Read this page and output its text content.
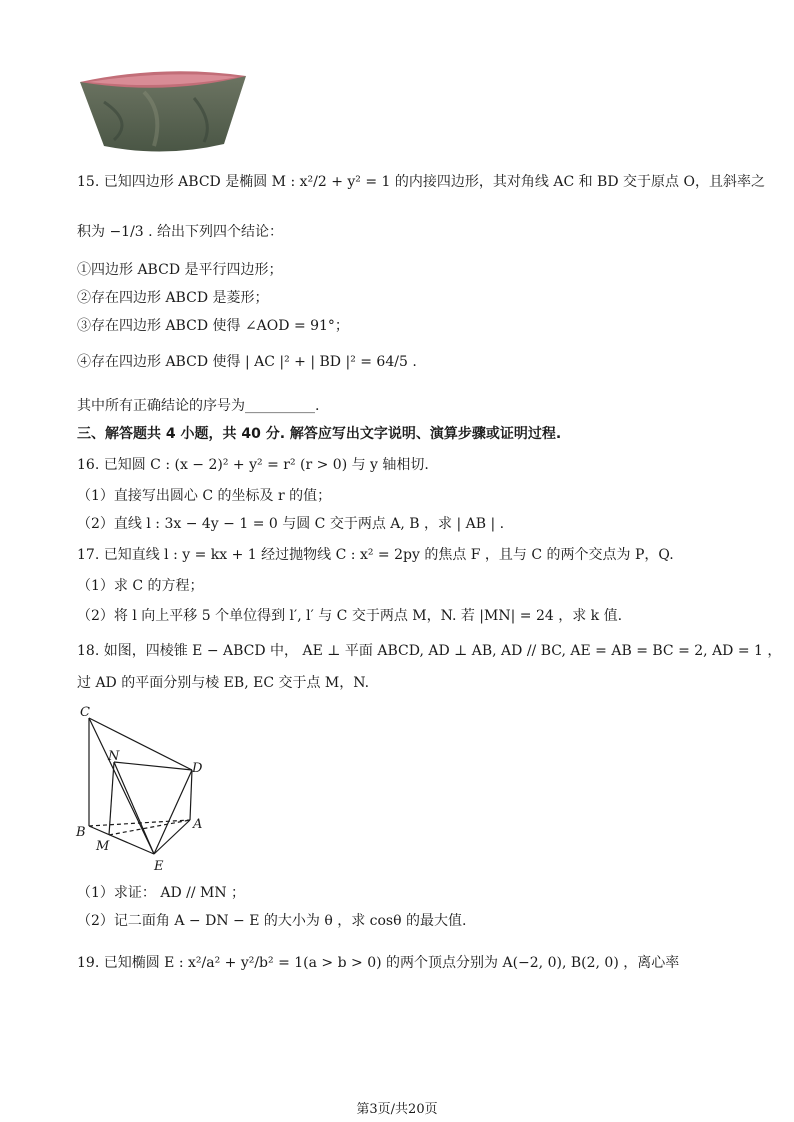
15. 已知四边形 ABCD 是椭圆 M : x²/2 + y² = 1 的内接四边形，其对角线 AC 和 BD 交于原点 O，且斜率之
积为 −1/3 . 给出下列四个结论：
①四边形 ABCD 是平行四边形；
②存在四边形 ABCD 是菱形；
③存在四边形 ABCD 使得 ∠AOD = 91°；
④存在四边形 ABCD 使得 | AC |² + | BD |² = 64/5 .
其中所有正确结论的序号为__________.
三、解答题共 4 小题，共 40 分. 解答应写出文字说明、演算步骤或证明过程.
16. 已知圆 C : (x − 2)² + y² = r² (r > 0) 与 y 轴相切.
（1）直接写出圆心 C 的坐标及 r 的值；
（2）直线 l : 3x − 4y − 1 = 0 与圆 C 交于两点 A, B ，求 | AB | .
17. 已知直线 l : y = kx + 1 经过抛物线 C : x² = 2py 的焦点 F ，且与 C 的两个交点为 P，Q.
（1）求 C 的方程；
（2）将 l 向上平移 5 个单位得到 l′, l′ 与 C 交于两点 M，N. 若 |MN| = 24 ，求 k 值.
18. 如图，四棱锥 E − ABCD 中， AE ⊥ 平面 ABCD, AD ⊥ AB, AD // BC, AE = AB = BC = 2, AD = 1 ，
过 AD 的平面分别与棱 EB, EC 交于点 M，N.
C
N
D
B
A
M
E
（1）求证： AD // MN ；
（2）记二面角 A − DN − E 的大小为 θ ，求 cosθ 的最大值.
19. 已知椭圆 E : x²/a² + y²/b² = 1(a > b > 0) 的两个顶点分别为 A(−2, 0), B(2, 0) ，离心率
第3页/共20页
